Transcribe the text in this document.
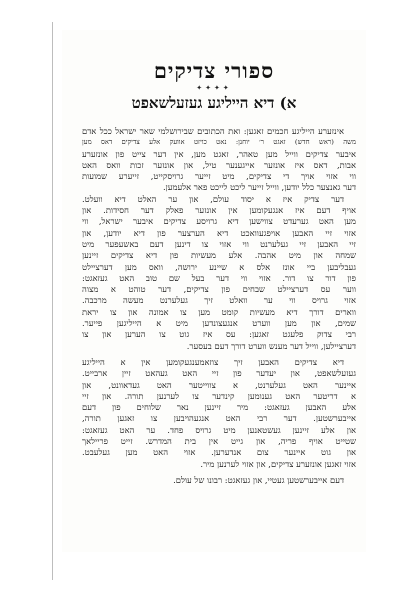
ספורי צדיקים
✦✦✦✦
א) דיא הייליגע געזעלשאפט

אינזערע הייליגע חכמים זאגען: ואת הכתובים שבירושלמי שאר ישראל ככל אדם

משה (ראש חדש) זאגט ר׳ יוחנן: נאט כויזט אוועק אלע צדיקים דאס מען

איבער צדיקים ווייל מען טאהר, זאגט מען, אין דער צייט פון אונזערע

אבות, דאס איז אונזער אייגענער טיל, און אונזער זכות וואס האט

ווי אזוי אויך די צדיקים, מיט זייער גרויסקייט, זייערע שמועות

דער גאנצער כלל יודען, ווייל זייער ליכט לייכט פאר אלעמען.

דער צדיק איז א יסוד עולם, און ער האלט דיא וועלט.

אויף דעם איז אנגעקומען אין אונזער פאלק דער חסידות. און

מען האט גערעדט צווישען דיא גרויסע צדיקים איבער ישראל, ווי

אזוי זיי האבען אויפגעוואכט דיא הערצער פון דיא יודען, און

זיי האבען זיי געלערנט ווי אזוי צו דינען דעם באשעפער מיט

שמחה און מיט אהבה. אלע מעשיות פון דיא צדיקים זיינען

געבליבען ביי אונז אלס א שיינע ירושה, וואס מען דערציילט

פון דור צו דור. אזוי ווי דער בעל שם טוב האט געזאגט:

ווער עס דערציילט שבחים פון צדיקים, דער טוהט א מצוה

אזוי גרויס ווי ער וואלט זיך געלערנט מעשה מרכבה.

ווארים דורך דיא מעשיות קומט מען צו אמונה און צו יראת

שמים, און מען ווערט אנגעצונדען מיט א הייליגען פייער.

רבי צדוק פלעגט זאגען: עס איז גוט צו הערען און צו

דערציילען, ווייל דער מענש ווערט דורך דעם בעסער.

דיא צדיקים האבען זיך צוזאמענגעקומען אין א הייליגע

געזעלשאפט, און יעדער פון זיי האט געהאט זיין ארבייט.

איינער האט געלערנט, א צווייטער האט געדאוונט, און

א דריטער האט גענומען קינדער צו לערנען תורה. און זיי

אלע האבען געזאגט: מיר זיינען נאר שלוחים פון דעם

אייבערשטען. דער רבי האט אנגעהויבען צו זאגען תורה,

און אלע זיינען געשטאנען מיט גרויס פחד. ער האט געזאגט:

שטייט אויף פריה, און גייט אין בית המדרש. זייט פריילאך

און גוט איינער צום אנדערען. אזוי האט מען געלעבט.

אזוי זאגען אונזערע צדיקים, און אזוי לערנען מיר.

דעם אייבערשטען געטיי, און געזאגט: רבונו של עולם.
